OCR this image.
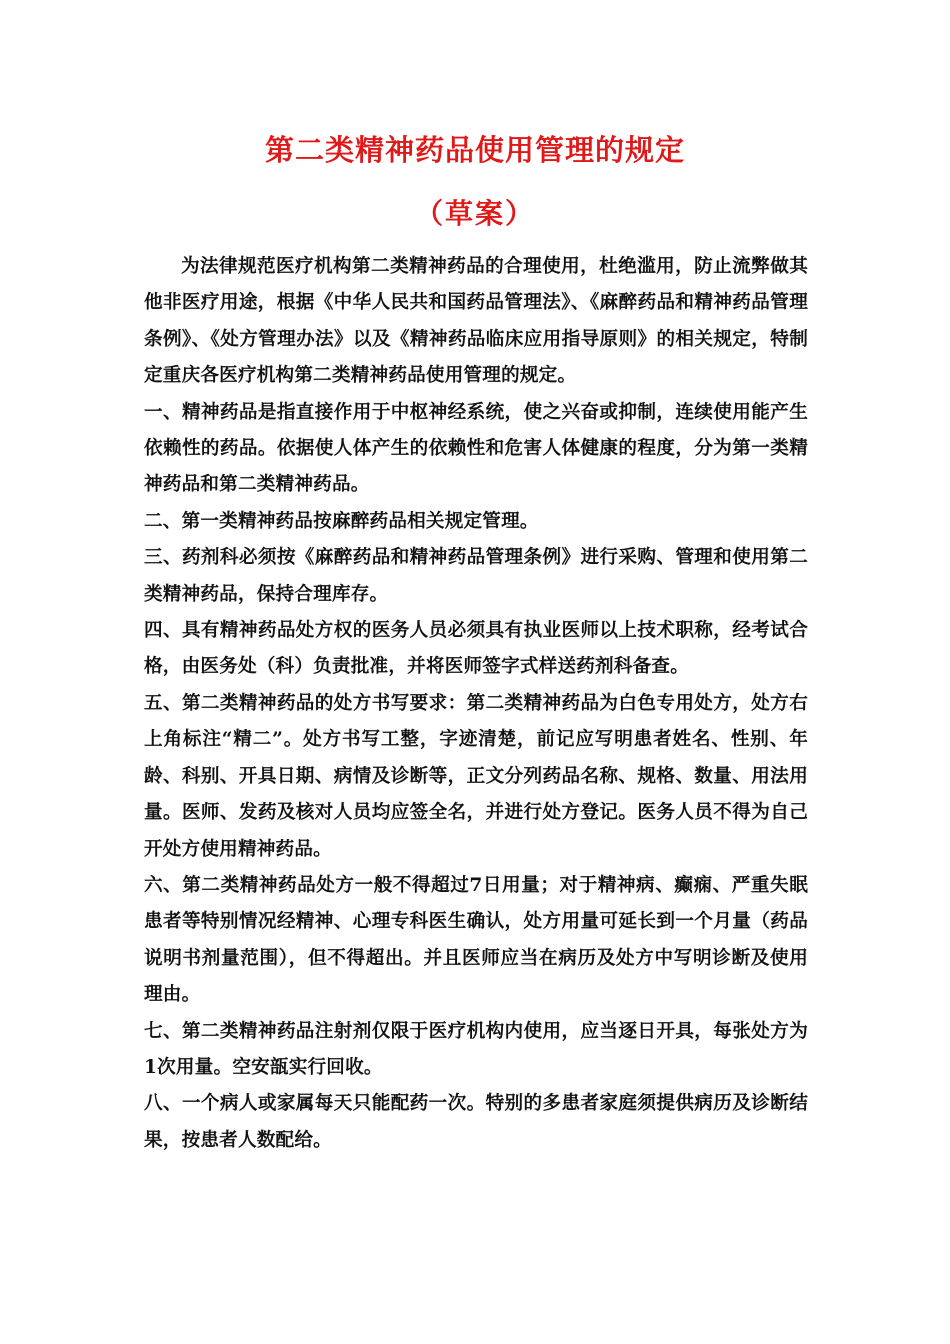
第二类精神药品使用管理的规定
（草案）

为法律规范医疗机构第二类精神药品的合理使用，杜绝滥用，防止流弊做其他非医疗用途，根据《中华人民共和国药品管理法》、《麻醉药品和精神药品管理条例》、《处方管理办法》以及《精神药品临床应用指导原则》的相关规定，特制定重庆各医疗机构第二类精神药品使用管理的规定。

一、精神药品是指直接作用于中枢神经系统，使之兴奋或抑制，连续使用能产生依赖性的药品。依据使人体产生的依赖性和危害人体健康的程度，分为第一类精神药品和第二类精神药品。

二、第一类精神药品按麻醉药品相关规定管理。

三、药剂科必须按《麻醉药品和精神药品管理条例》进行采购、管理和使用第二类精神药品，保持合理库存。

四、具有精神药品处方权的医务人员必须具有执业医师以上技术职称，经考试合格，由医务处（科）负责批准，并将医师签字式样送药剂科备查。

五、第二类精神药品的处方书写要求：第二类精神药品为白色专用处方，处方右上角标注“精二”。处方书写工整，字迹清楚，前记应写明患者姓名、性别、年龄、科别、开具日期、病情及诊断等，正文分列药品名称、规格、数量、用法用量。医师、发药及核对人员均应签全名，并进行处方登记。医务人员不得为自己开处方使用精神药品。

六、第二类精神药品处方一般不得超过7日用量；对于精神病、癫痫、严重失眠患者等特别情况经精神、心理专科医生确认，处方用量可延长到一个月量（药品说明书剂量范围），但不得超出。并且医师应当在病历及处方中写明诊断及使用理由。

七、第二类精神药品注射剂仅限于医疗机构内使用，应当逐日开具，每张处方为1次用量。空安瓿实行回收。

八、一个病人或家属每天只能配药一次。特别的多患者家庭须提供病历及诊断结果，按患者人数配给。
